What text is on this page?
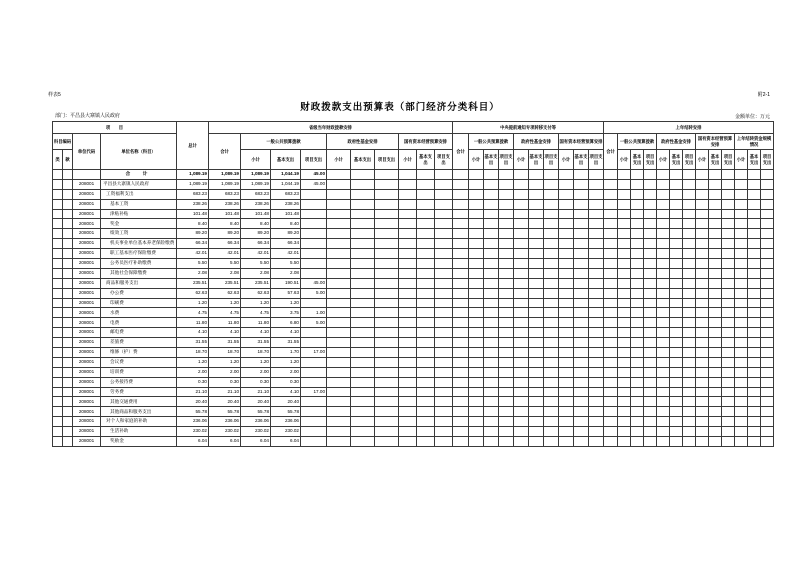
样表5	附2-1
财政拨款支出预算表（部门经济分类科目）
部门：平昌县大寨镇人民政府	金额单位：万元
项　　目				总计	省级当年财政拨款安排										中央提前通知专项转移支付等										上年结转安排												
科目编码		单位代码	单位名称（科目）		合计	一般公共预算拨款			政府性基金安排			国有资本经营预算安排			合计	一般公共预算拨款			政府性基金安排			国有资本经营预算安排			合计	一般公共预算拨款			政府性基金安排			国有资本经营预算安排			上年结转资金规模情况		
类	款					小计	基本支出	项目支出	小计	基本支出	项目支出	小计	基本支出	项目支出		小计	基本支出	项目支出	小计	基本支出	项目支出	小计	基本支出	项目支出		小计	基本支出	项目支出	小计	基本支出	项目支出	小计	基本支出	项目支出	小计	基本支出	项目支出
			合　计	1,089.19	1,089.19	1,089.19	1,044.19	45.00																													
		208001	平昌县大寨镇人民政府	1,089.19	1,089.19	1,089.19	1,044.19	45.00																													
		208001	工资福利支出	683.23	683.23	683.23	683.23																														
		208001	基本工资	238.26	238.26	238.26	238.26																														
		208001	津贴补贴	101.48	101.48	101.48	101.48																														
		208001	奖金	8.40	8.40	8.40	8.40																														
		208001	绩效工资	89.20	89.20	89.20	89.20																														
		208001	机关事业单位基本养老保险缴费	66.34	66.34	66.34	66.34																														
		208001	职工基本医疗保险缴费	42.01	42.01	42.01	42.01																														
		208001	公务员医疗补助缴费	5.50	5.50	5.50	5.50																														
		208001	其他社会保障缴费	2.08	2.08	2.08	2.08																														
		208001	商品和服务支出	235.51	235.51	235.51	190.51	45.00																													
		208001	办公费	62.63	62.63	62.63	57.63	5.00																													
		208001	印刷费	1.20	1.20	1.20	1.20																														
		208001	水费	4.75	4.75	4.75	3.75	1.00																													
		208001	电费	11.80	11.80	11.80	6.80	5.00																													
		208001	邮电费	4.10	4.10	4.10	4.10																														
		208001	差旅费	31.55	31.55	31.55	31.55																														
		208001	维修（护）费	18.70	18.70	18.70	1.70	17.00																													
		208001	会议费	1.20	1.20	1.20	1.20																														
		208001	培训费	2.00	2.00	2.00	2.00																														
		208001	公务接待费	0.30	0.30	0.30	0.30																														
		208001	劳务费	21.10	21.10	21.10	4.10	17.00																													
		208001	其他交通费用	20.40	20.40	20.40	20.40																														
		208001	其他商品和服务支出	55.78	55.78	55.78	55.78																														
		208001	对个人和家庭的补助	236.06	236.06	236.06	236.06																														
		208001	生活补助	230.02	230.02	230.02	230.02																														
		208001	奖励金	6.04	6.04	6.04	6.04																														
